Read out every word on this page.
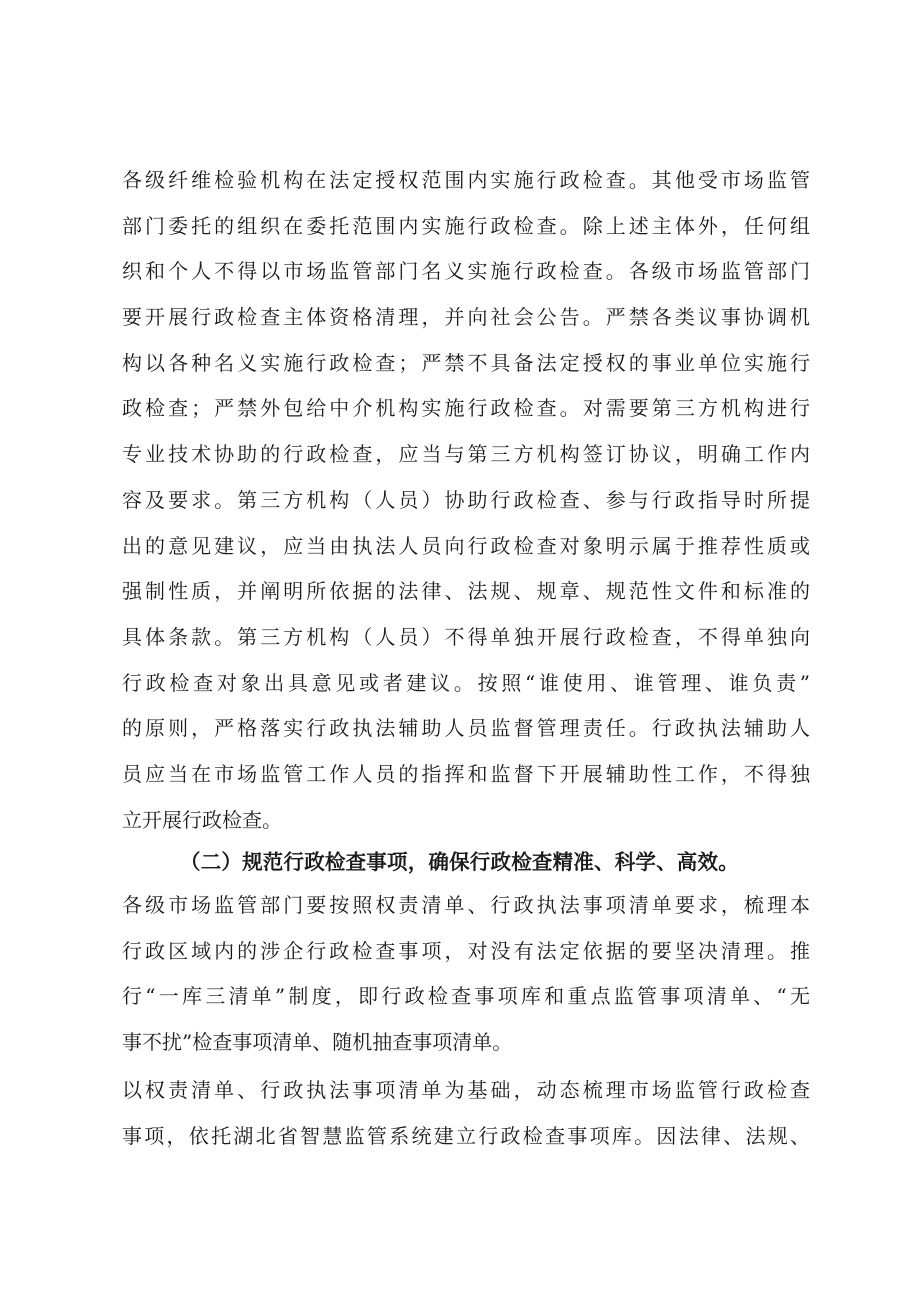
各级纤维检验机构在法定授权范围内实施行政检查。其他受市场监管
部门委托的组织在委托范围内实施行政检查。除上述主体外，任何组
织和个人不得以市场监管部门名义实施行政检查。各级市场监管部门
要开展行政检查主体资格清理，并向社会公告。严禁各类议事协调机
构以各种名义实施行政检查；严禁不具备法定授权的事业单位实施行
政检查；严禁外包给中介机构实施行政检查。对需要第三方机构进行
专业技术协助的行政检查，应当与第三方机构签订协议，明确工作内
容及要求。第三方机构（人员）协助行政检查、参与行政指导时所提
出的意见建议，应当由执法人员向行政检查对象明示属于推荐性质或
强制性质，并阐明所依据的法律、法规、规章、规范性文件和标准的
具体条款。第三方机构（人员）不得单独开展行政检查，不得单独向
行政检查对象出具意见或者建议。按照“谁使用、谁管理、谁负责”
的原则，严格落实行政执法辅助人员监督管理责任。行政执法辅助人
员应当在市场监管工作人员的指挥和监督下开展辅助性工作，不得独
立开展行政检查。
（二）规范行政检查事项，确保行政检查精准、科学、高效。
各级市场监管部门要按照权责清单、行政执法事项清单要求，梳理本
行政区域内的涉企行政检查事项，对没有法定依据的要坚决清理。推
行“一库三清单”制度，即行政检查事项库和重点监管事项清单、“无
事不扰”检查事项清单、随机抽查事项清单。
以权责清单、行政执法事项清单为基础，动态梳理市场监管行政检查
事项，依托湖北省智慧监管系统建立行政检查事项库。因法律、法规、
